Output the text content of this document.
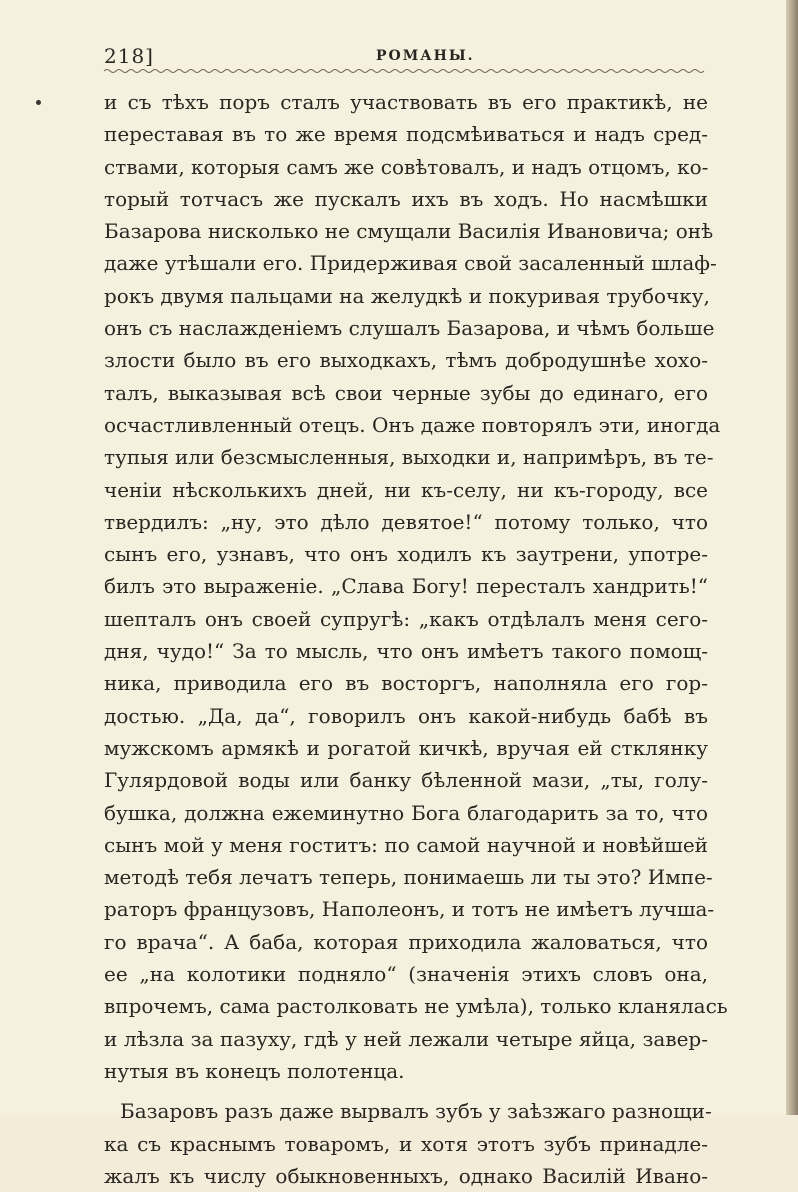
218]	РОМАНЫ.
и съ тѣхъ поръ сталъ участвовать въ его практикѣ, не
переставая въ то же время подсмѣиваться и надъ сред-
ствами, которыя самъ же совѣтовалъ, и надъ отцомъ, ко-
торый тотчасъ же пускалъ ихъ въ ходъ. Но насмѣшки
Базарова нисколько не смущали Василія Ивановича; онѣ
даже утѣшали его. Придерживая свой засаленный шлаф-
рокъ двумя пальцами на желудкѣ и покуривая трубочку,
онъ съ наслажденіемъ слушалъ Базарова, и чѣмъ больше
злости было въ его выходкахъ, тѣмъ добродушнѣе хохо-
талъ, выказывая всѣ свои черные зубы до единаго, его
осчастливленный отецъ. Онъ даже повторялъ эти, иногда
тупыя или безсмысленныя, выходки и, напримѣръ, въ те-
ченіи нѣсколькихъ дней, ни къ-селу, ни къ-городу, все
твердилъ: „ну, это дѣло девятое!“ потому только, что
сынъ его, узнавъ, что онъ ходилъ къ заутрени, употре-
билъ это выраженіе. „Слава Богу! пересталъ хандрить!“
шепталъ онъ своей супругѣ: „какъ отдѣлалъ меня сего-
дня, чудо!“ За то мысль, что онъ имѣетъ такого помощ-
ника, приводила его въ восторгъ, наполняла его гор-
достью. „Да, да“, говорилъ онъ какой-нибудь бабѣ въ
мужскомъ армякѣ и рогатой кичкѣ, вручая ей стклянку
Гулярдовой воды или банку бѣленной мази, „ты, голу-
бушка, должна ежеминутно Бога благодарить за то, что
сынъ мой у меня гоститъ: по самой научной и новѣйшей
методѣ тебя лечатъ теперь, понимаешь ли ты это? Импе-
раторъ французовъ, Наполеонъ, и тотъ не имѣетъ лучша-
го врача“. А баба, которая приходила жаловаться, что
ее „на колотики подняло“ (значенія этихъ словъ она,
впрочемъ, сама растолковать не умѣла), только кланялась
и лѣзла за пазуху, гдѣ у ней лежали четыре яйца, завер-
нутыя въ конецъ полотенца.
Базаровъ разъ даже вырвалъ зубъ у заѣзжаго разнощи-
ка съ краснымъ товаромъ, и хотя этотъ зубъ принадле-
жалъ къ числу обыкновенныхъ, однако Василій Ивано-
